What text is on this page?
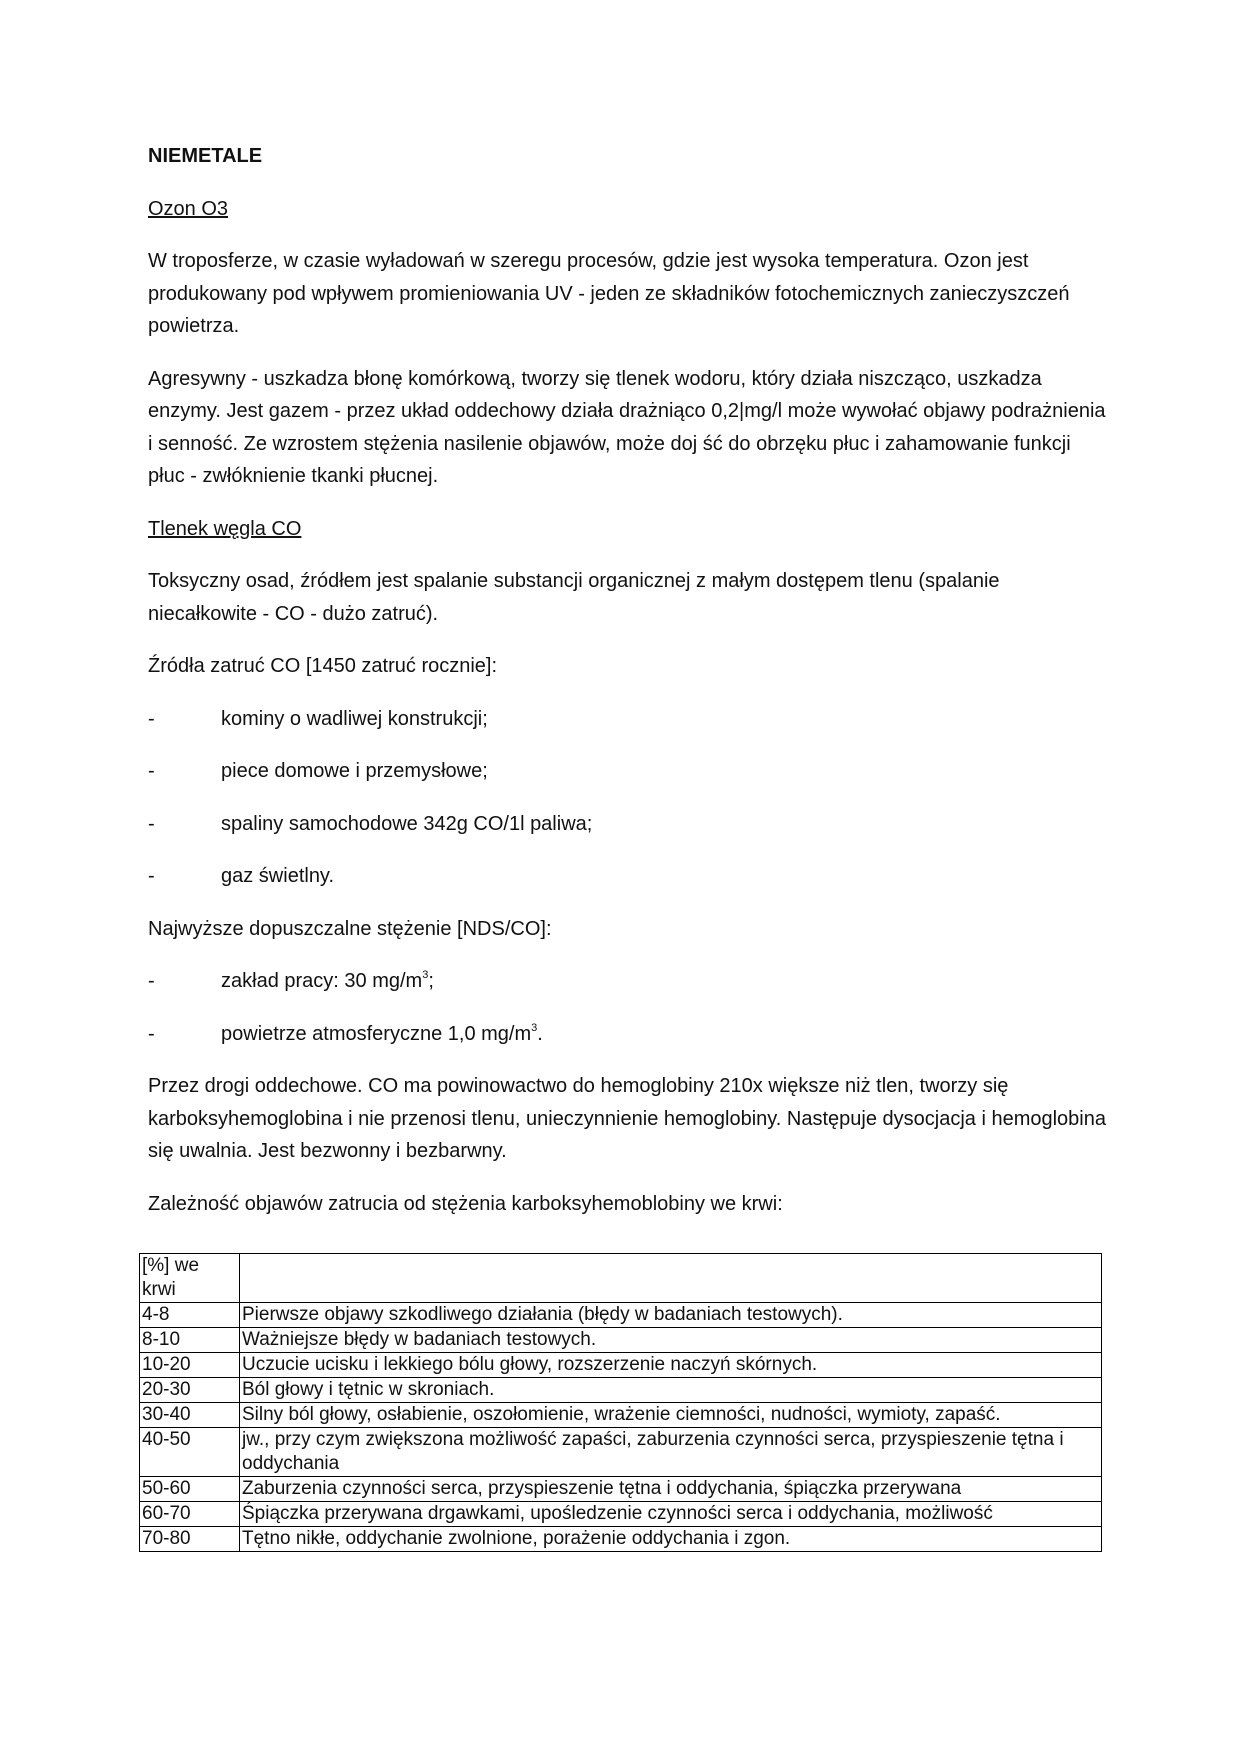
NIEMETALE
Ozon O3

W troposferze, w czasie wyładowań w szeregu procesów, gdzie jest wysoka temperatura. Ozon jest produkowany pod wpływem promieniowania UV - jeden ze składników fotochemicznych zanieczyszczeń powietrza.

Agresywny - uszkadza błonę komórkową, tworzy się tlenek wodoru, który działa niszcząco, uszkadza enzymy. Jest gazem - przez układ oddechowy działa drażniąco 0,2|mg/l może wywołać objawy podrażnienia i senność. Ze wzrostem stężenia nasilenie objawów, może doj ść do obrzęku płuc i zahamowanie funkcji płuc - zwłóknienie tkanki płucnej.

Tlenek węgla CO

Toksyczny osad, źródłem jest spalanie substancji organicznej z małym dostępem tlenu (spalanie niecałkowite - CO - dużo zatruć).

Źródła zatruć CO [1450 zatruć rocznie]:

-	kominy o wadliwej konstrukcji;
-	piece domowe i przemysłowe;
-	spaliny samochodowe 342g CO/1l paliwa;
-	gaz świetlny.

Najwyższe dopuszczalne stężenie [NDS/CO]:

-	zakład pracy: 30 $mg/m^3$;
-	powietrze atmosferyczne 1,0 $mg/m^3$.

Przez drogi oddechowe. CO ma powinowactwo do hemoglobiny 210x większe niż tlen, tworzy się karboksyhemoglobina i nie przenosi tlenu, unieczynnienie hemoglobiny. Następuje dysocjacja i hemoglobina się uwalnia. Jest bezwonny i bezbarwny.

Zależność objawów zatrucia od stężenia karboksyhemoblobiny we krwi:

[%] we krwi	
4-8	Pierwsze objawy szkodliwego działania (błędy w badaniach testowych).
8-10	Ważniejsze błędy w badaniach testowych.
10-20	Uczucie ucisku i lekkiego bólu głowy, rozszerzenie naczyń skórnych.
20-30	Ból głowy i tętnic w skroniach.
30-40	Silny ból głowy, osłabienie, oszołomienie, wrażenie ciemności, nudności, wymioty, zapaść.
40-50	jw., przy czym zwiększona możliwość zapaści, zaburzenia czynności serca, przyspieszenie tętna i oddychania
50-60	Zaburzenia czynności serca, przyspieszenie tętna i oddychania, śpiączka przerywana
60-70	Śpiączka przerywana drgawkami, upośledzenie czynności serca i oddychania, możliwość
70-80	Tętno nikłe, oddychanie zwolnione, porażenie oddychania i zgon.
